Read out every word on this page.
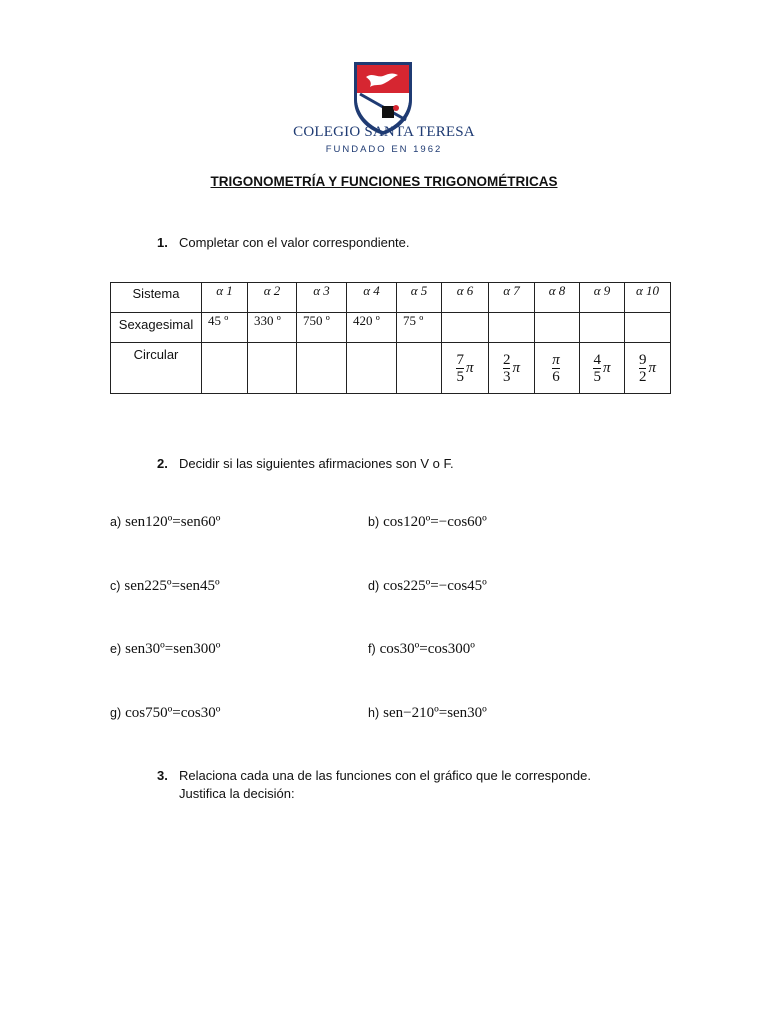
COLEGIO SANTA TERESA
FUNDADO EN 1962
TRIGONOMETRÍA Y FUNCIONES TRIGONOMÉTRICAS
1. Completar con el valor correspondiente.
Sistema	α 1	α 2	α 3	α 4	α 5	α 6	α 7	α 8	α 9	α 10
Sexagesimal	45 º	330 º	750 º	420 º	75 º					
Circular						$\frac{7}{5}$ π	$\frac{2}{3}$ π	$\frac{\pi}{6}$	$\frac{4}{5}$ π	$\frac{9}{2}$ π
2. Decidir si las siguientes afirmaciones son V o F.
a) sen120º=sen60º	b) cos120º=−cos60º
c) sen225º=sen45º	d) cos225º=−cos45º
e) sen30º=sen300º	f) cos30º=cos300º
g) cos750º=cos30º	h) sen−210º=sen30º
3. Relaciona cada una de las funciones con el gráfico que le corresponde.
Justifica la decisión:
